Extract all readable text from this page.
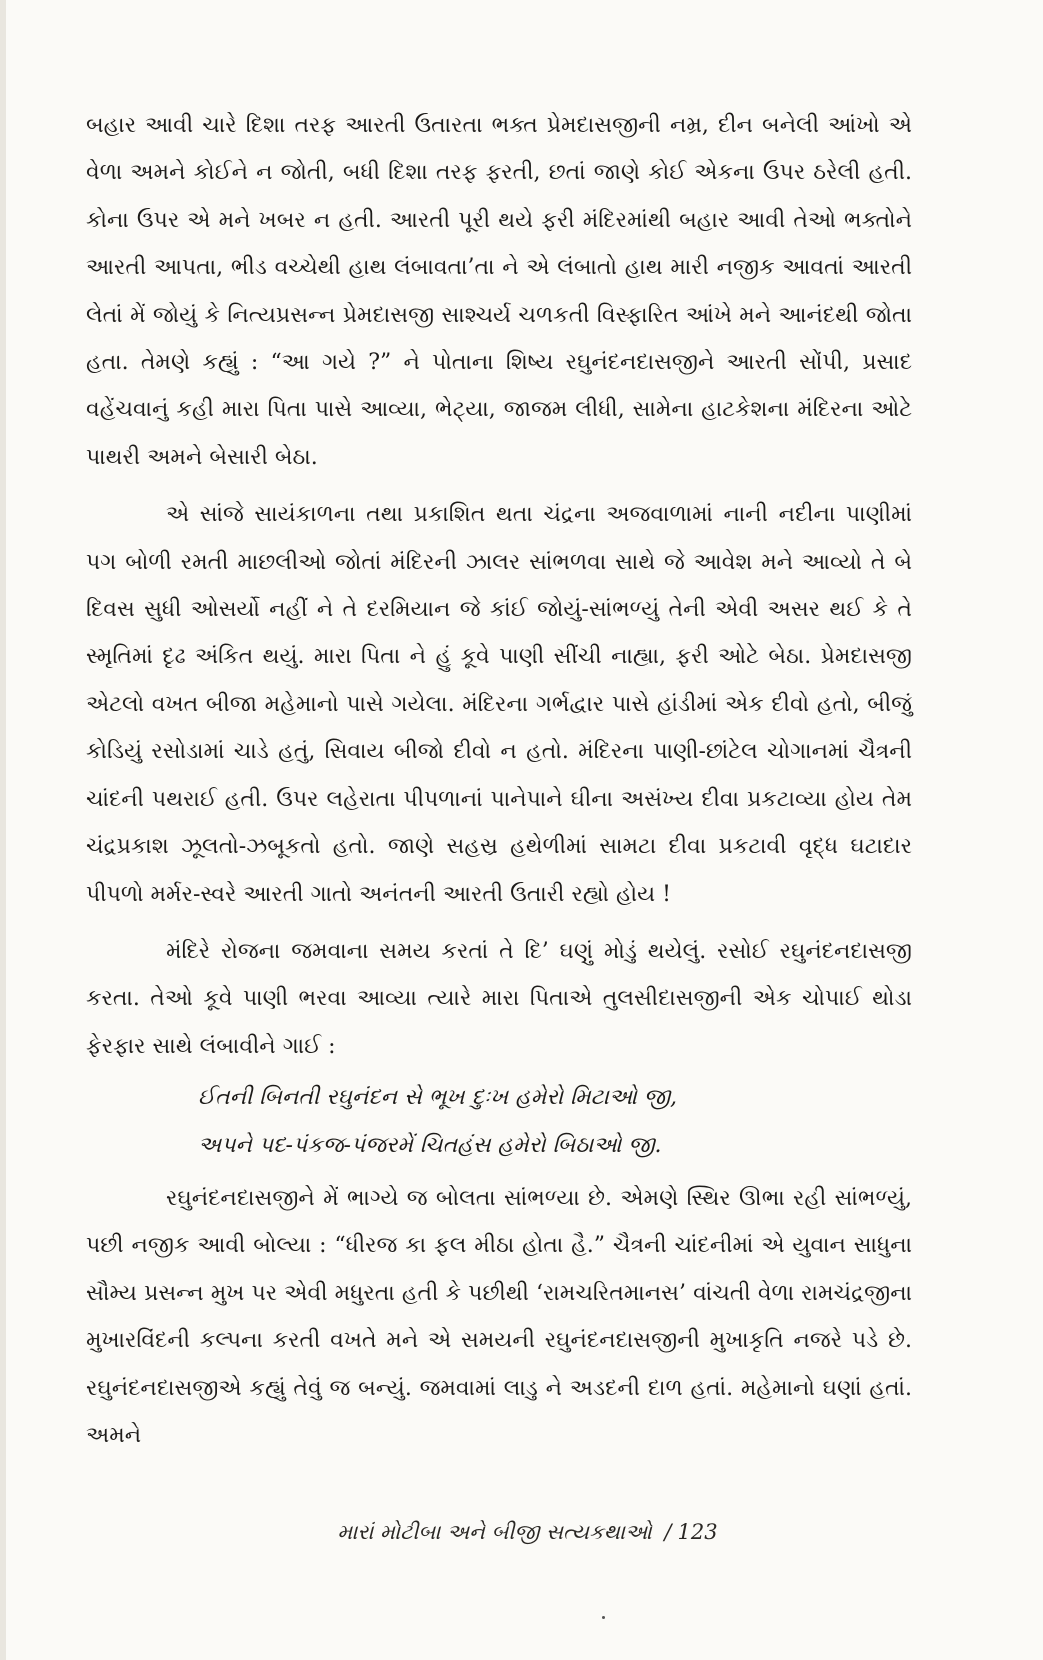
બહાર આવી ચારે દિશા તરફ આરતી ઉતારતા ભક્ત પ્રેમદાસજીની નમ્ર, દીન બનેલી આંખો એ વેળા અમને કોઈને ન જોતી, બધી દિશા તરફ ફરતી, છતાં જાણે કોઈ એકના ઉપર ઠરેલી હતી. કોના ઉપર એ મને ખબર ન હતી. આરતી પૂરી થયે ફરી મંદિરમાંથી બહાર આવી તેઓ ભક્તોને આરતી આપતા, ભીડ વચ્ચેથી હાથ લંબાવતા’તા ને એ લંબાતો હાથ મારી નજીક આવતાં આરતી લેતાં મેં જોયું કે નિત્યપ્રસન્ન પ્રેમદાસજી સાશ્ચર્ય ચળકતી વિસ્ફારિત આંખે મને આનંદથી જોતા હતા. તેમણે કહ્યું : “આ ગયે ?” ને પોતાના શિષ્ય રઘુનંદનદાસજીને આરતી સોંપી, પ્રસાદ વહેંચવાનું કહી મારા પિતા પાસે આવ્યા, ભેટ્યા, જાજમ લીધી, સામેના હાટકેશના મંદિરના ઓટે પાથરી અમને બેસારી બેઠા.

એ સાંજે સાયંકાળના તથા પ્રકાશિત થતા ચંદ્રના અજવાળામાં નાની નદીના પાણીમાં પગ બોળી રમતી માછલીઓ જોતાં મંદિરની ઝાલર સાંભળવા સાથે જે આવેશ મને આવ્યો તે બે દિવસ સુધી ઓસર્યો નહીં ને તે દરમિયાન જે કાંઈ જોયું-સાંભળ્યું તેની એવી અસર થઈ કે તે સ્મૃતિમાં દૃઢ અંકિત થયું. મારા પિતા ને હું કૂવે પાણી સીંચી નાહ્યા, ફરી ઓટે બેઠા. પ્રેમદાસજી એટલો વખત બીજા મહેમાનો પાસે ગયેલા. મંદિરના ગર્ભદ્વાર પાસે હાંડીમાં એક દીવો હતો, બીજું કોડિયું રસોડામાં ચાડે હતું, સિવાય બીજો દીવો ન હતો. મંદિરના પાણી-છાંટેલ ચોગાનમાં ચૈત્રની ચાંદની પથરાઈ હતી. ઉપર લહેરાતા પીપળાનાં પાનેપાને ઘીના અસંખ્ય દીવા પ્રકટાવ્યા હોય તેમ ચંદ્રપ્રકાશ ઝૂલતો-ઝબૂકતો હતો. જાણે સહસ્ર હથેળીમાં સામટા દીવા પ્રકટાવી વૃદ્ધ ઘટાદાર પીપળો મર્મર-સ્વરે આરતી ગાતો અનંતની આરતી ઉતારી રહ્યો હોય !

મંદિરે રોજના જમવાના સમય કરતાં તે દિ’ ઘણું મોડું થયેલું. રસોઈ રઘુનંદનદાસજી કરતા. તેઓ કૂવે પાણી ભરવા આવ્યા ત્યારે મારા પિતાએ તુલસીદાસજીની એક ચોપાઈ થોડા ફેરફાર સાથે લંબાવીને ગાઈ :

ઈતની બિનતી રઘુનંદન સે ભૂખ દુઃખ હમેરો મિટાઓ જી,
અપને પદ-પંકજ-પંજરમેં ચિતહંસ હમેરો બિઠાઓ જી.

રઘુનંદનદાસજીને મેં ભાગ્યે જ બોલતા સાંભળ્યા છે. એમણે સ્થિર ઊભા રહી સાંભળ્યું, પછી નજીક આવી બોલ્યા : “ધીરજ કા ફલ મીઠા હોતા હૈ.” ચૈત્રની ચાંદનીમાં એ યુવાન સાધુના સૌમ્ય પ્રસન્ન મુખ પર એવી મધુરતા હતી કે પછીથી ‘રામચરિતમાનસ’ વાંચતી વેળા રામચંદ્રજીના મુખારવિંદની કલ્પના કરતી વખતે મને એ સમયની રઘુનંદનદાસજીની મુખાકૃતિ નજરે પડે છે. રઘુનંદનદાસજીએ કહ્યું તેવું જ બન્યું. જમવામાં લાડુ ને અડદની દાળ હતાં. મહેમાનો ઘણાં હતાં. અમને

મારાં મોટીબા અને બીજી સત્યકથાઓ / 123
